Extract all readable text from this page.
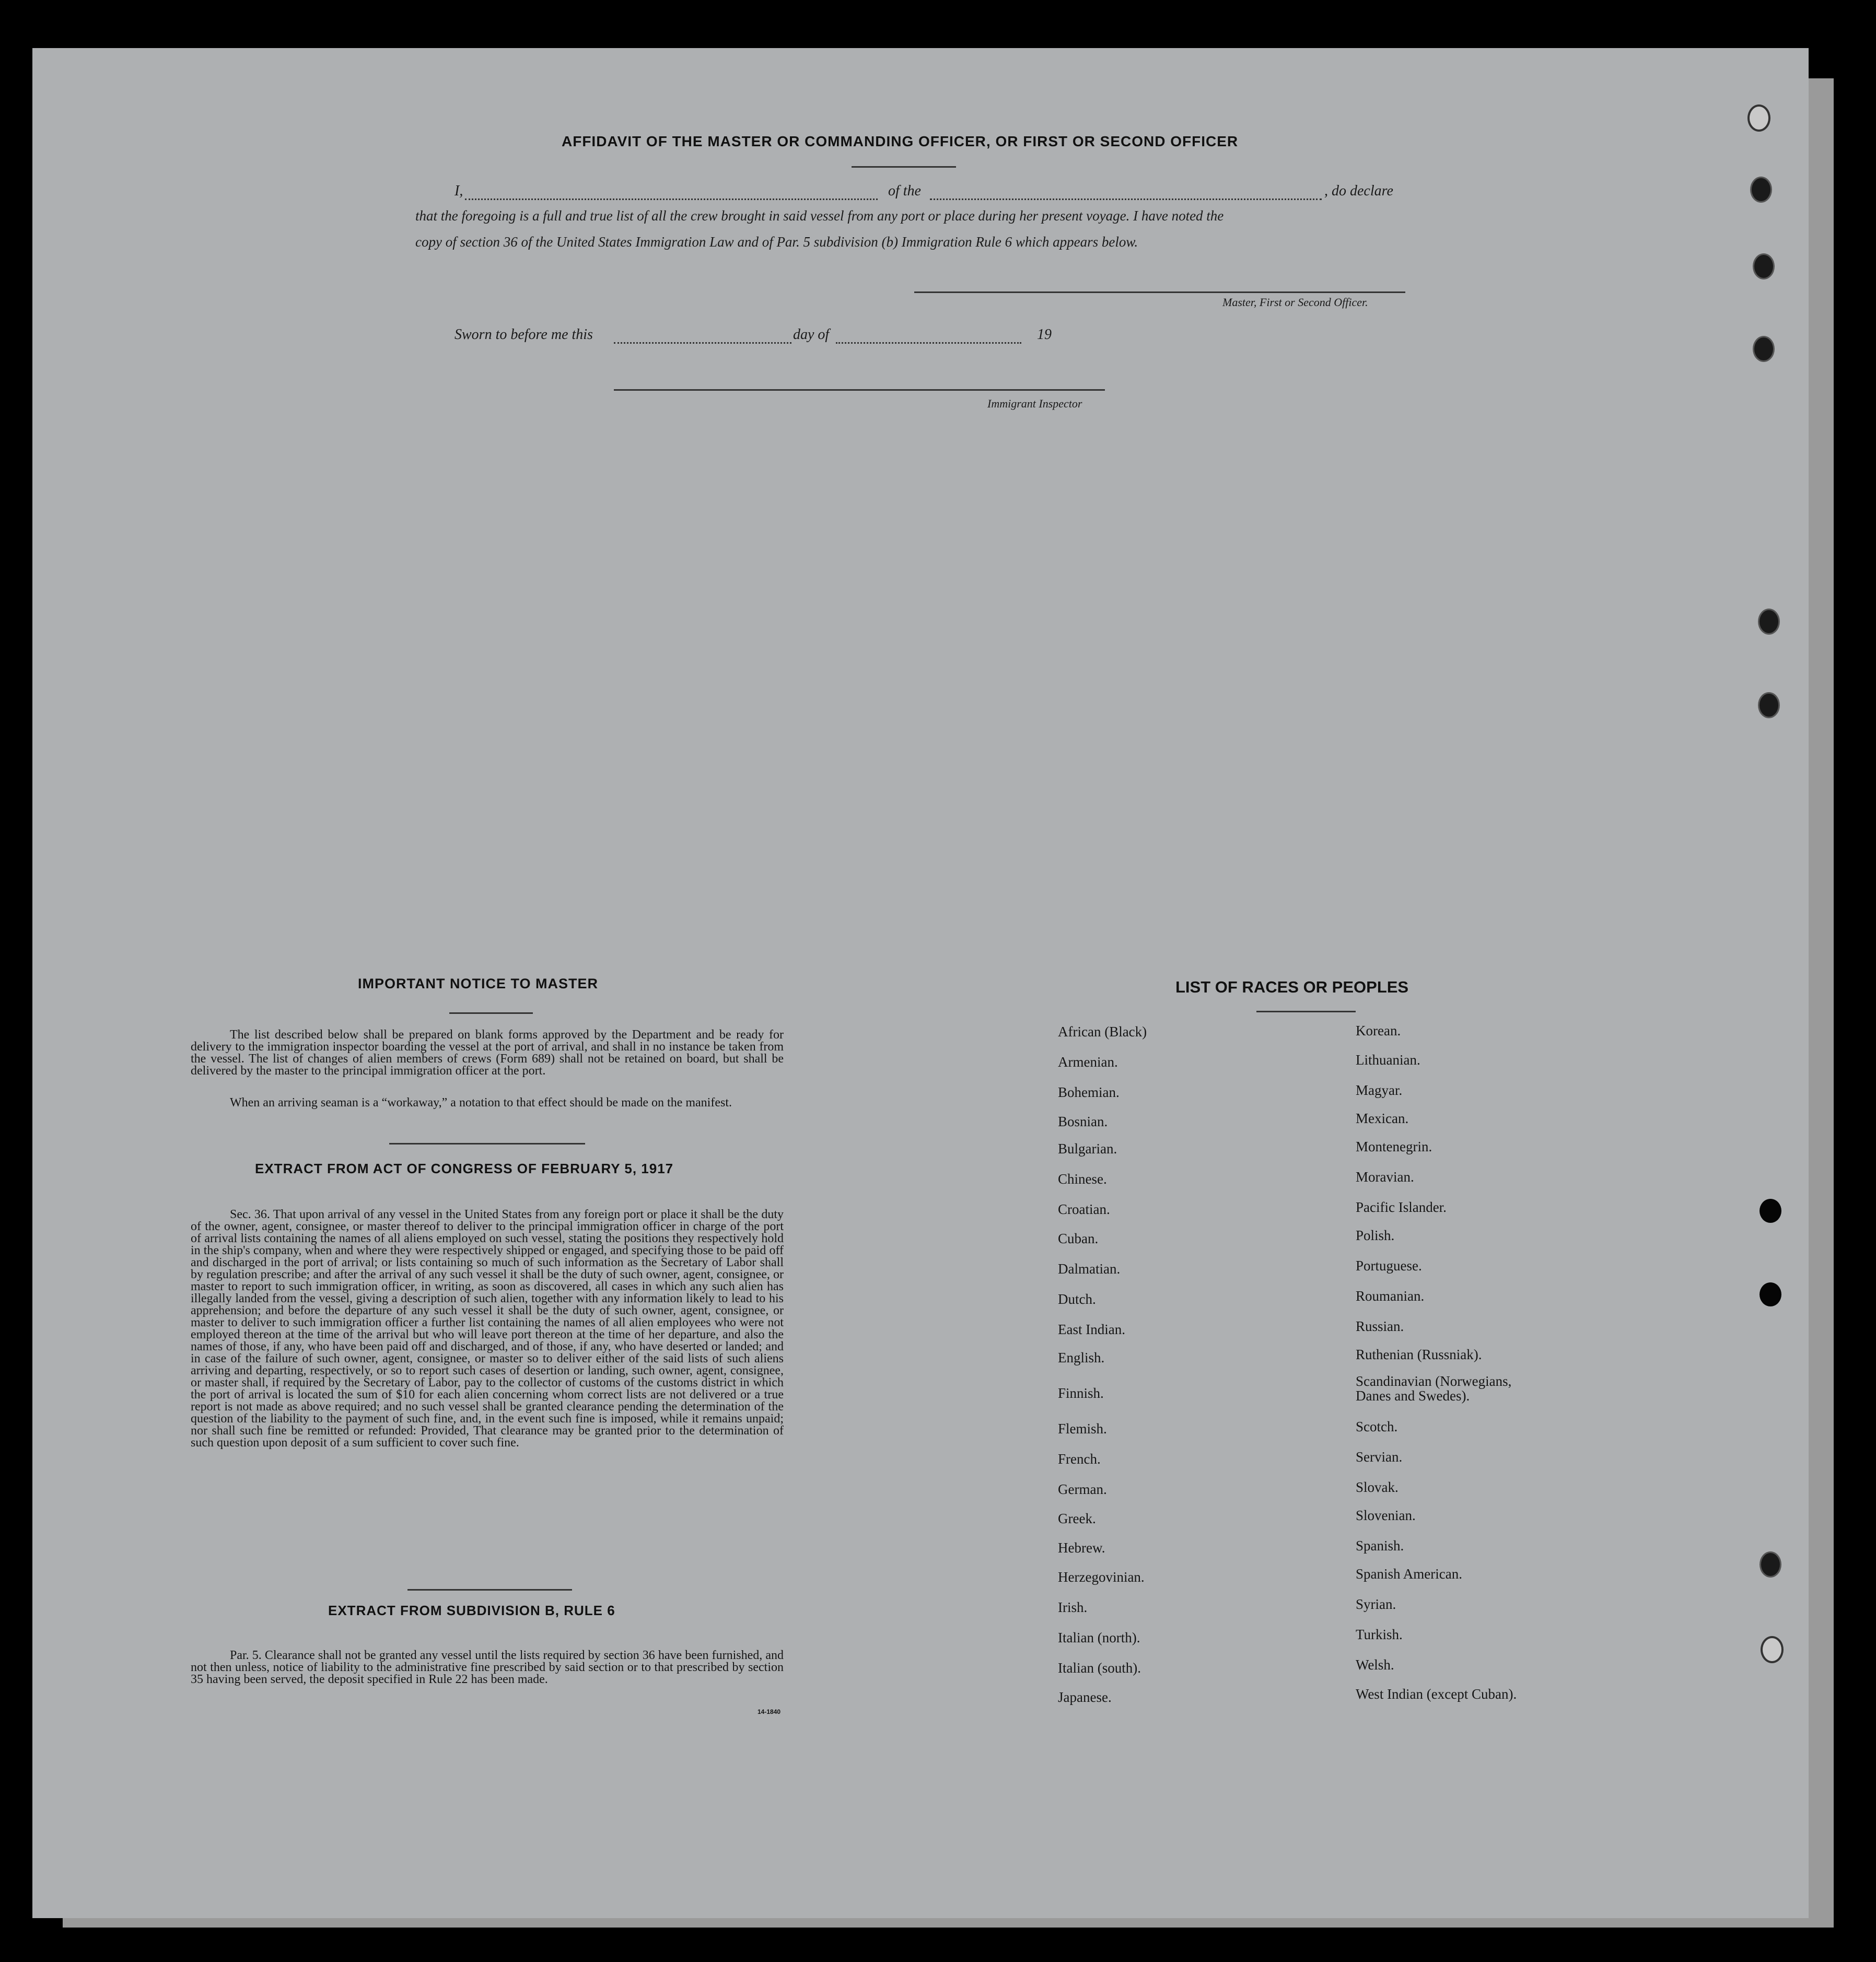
AFFIDAVIT OF THE MASTER OR COMMANDING OFFICER, OR FIRST OR SECOND OFFICER
I,	of the	, do declare
that the foregoing is a full and true list of all the crew brought in said vessel from any port or place during her present voyage. I have noted the
copy of section 36 of the United States Immigration Law and of Par. 5 subdivision (b) Immigration Rule 6 which appears below.
Master, First or Second Officer.
Sworn to before me this	day of	19
Immigrant Inspector
IMPORTANT NOTICE TO MASTER
The list described below shall be prepared on blank forms approved by the Department and be ready for delivery to the immigration inspector boarding the vessel at the port of arrival, and shall in no instance be taken from the vessel. The list of changes of alien members of crews (Form 689) shall not be retained on board, but shall be delivered by the master to the principal immigration officer at the port.
When an arriving seaman is a “workaway,” a notation to that effect should be made on the manifest.
EXTRACT FROM ACT OF CONGRESS OF FEBRUARY 5, 1917
Sec. 36. That upon arrival of any vessel in the United States from any foreign port or place it shall be the duty of the owner, agent, consignee, or master thereof to deliver to the principal immigration officer in charge of the port of arrival lists containing the names of all aliens employed on such vessel, stating the positions they respectively hold in the ship's company, when and where they were respectively shipped or engaged, and specifying those to be paid off and discharged in the port of arrival; or lists containing so much of such information as the Secretary of Labor shall by regulation prescribe; and after the arrival of any such vessel it shall be the duty of such owner, agent, consignee, or master to report to such immigration officer, in writing, as soon as discovered, all cases in which any such alien has illegally landed from the vessel, giving a description of such alien, together with any information likely to lead to his apprehension; and before the departure of any such vessel it shall be the duty of such owner, agent, consignee, or master to deliver to such immigration officer a further list containing the names of all alien employees who were not employed thereon at the time of the arrival but who will leave port thereon at the time of her departure, and also the names of those, if any, who have been paid off and discharged, and of those, if any, who have deserted or landed; and in case of the failure of such owner, agent, consignee, or master so to deliver either of the said lists of such aliens arriving and departing, respectively, or so to report such cases of desertion or landing, such owner, agent, consignee, or master shall, if required by the Secretary of Labor, pay to the collector of customs of the customs district in which the port of arrival is located the sum of $10 for each alien concerning whom correct lists are not delivered or a true report is not made as above required; and no such vessel shall be granted clearance pending the determination of the question of the liability to the payment of such fine, and, in the event such fine is imposed, while it remains unpaid; nor shall such fine be remitted or refunded: Provided, That clearance may be granted prior to the determination of such question upon deposit of a sum sufficient to cover such fine.
EXTRACT FROM SUBDIVISION B, RULE 6
Par. 5. Clearance shall not be granted any vessel until the lists required by section 36 have been furnished, and not then unless, notice of liability to the administrative fine prescribed by said section or to that prescribed by section 35 having been served, the deposit specified in Rule 22 has been made.
14-1840
LIST OF RACES OR PEOPLES
African (Black)
Armenian.
Bohemian.
Bosnian.
Bulgarian.
Chinese.
Croatian.
Cuban.
Dalmatian.
Dutch.
East Indian.
English.
Finnish.
Flemish.
French.
German.
Greek.
Hebrew.
Herzegovinian.
Irish.
Italian (north).
Italian (south).
Japanese.
Korean.
Lithuanian.
Magyar.
Mexican.
Montenegrin.
Moravian.
Pacific Islander.
Polish.
Portuguese.
Roumanian.
Russian.
Ruthenian (Russniak).
Scandinavian (Norwegians, Danes and Swedes).
Scotch.
Servian.
Slovak.
Slovenian.
Spanish.
Spanish American.
Syrian.
Turkish.
Welsh.
West Indian (except Cuban).
